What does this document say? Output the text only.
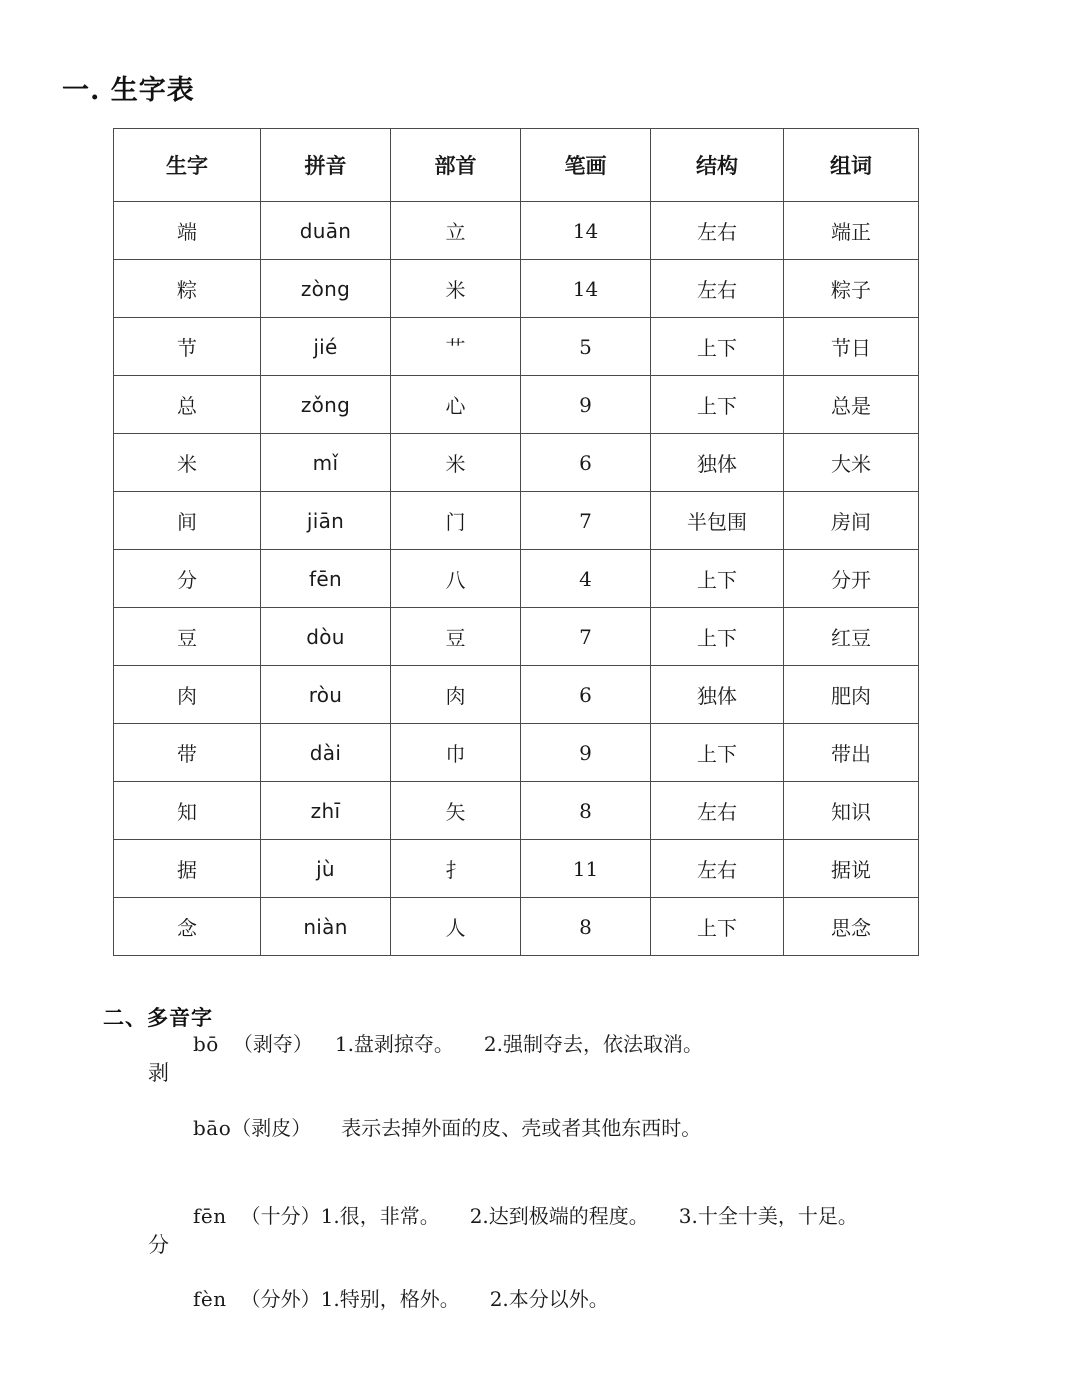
一. 生字表
生字	拼音	部首	笔画	结构	组词
端	duān	立	14	左右	端正
粽	zòng	米	14	左右	粽子
节	jié	艹	5	上下	节日
总	zǒng	心	9	上下	总是
米	mǐ	米	6	独体	大米
间	jiān	门	7	半包围	房间
分	fēn	八	4	上下	分开
豆	dòu	豆	7	上下	红豆
肉	ròu	肉	6	独体	肥肉
带	dài	巾	9	上下	带出
知	zhī	矢	8	左右	知识
据	jù	扌	11	左右	据说
念	niàn	人	8	上下	思念
二、多音字
bō （剥夺） 1.盘剥掠夺。　　2.强制夺去，依法取消。
剥
bāo（剥皮） 表示去掉外面的皮、壳或者其他东西时。
fēn （十分）1.很，非常。　　2.达到极端的程度。　　3.十全十美，十足。
分
fèn （分外）1.特别，格外。　　2.本分以外。
